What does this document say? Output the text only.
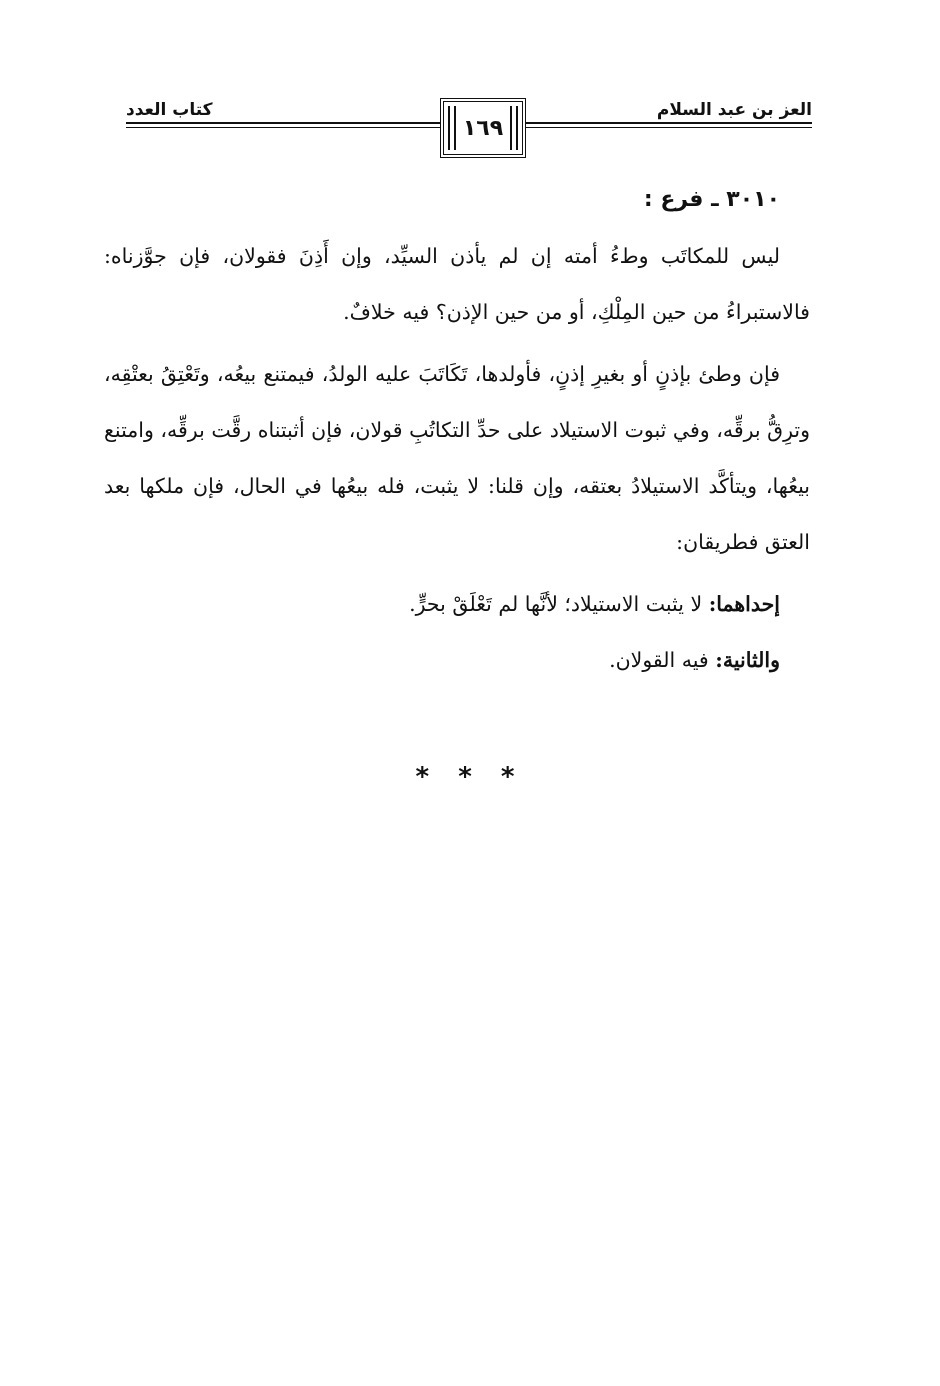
العز بن عبد السلام
كتاب العدد
١٦٩
٣٠١٠ ـ فرع :

ليس للمكاتَب وطءُ أمته إن لم يأذن السيِّد، وإن أَذِنَ فقولان، فإن جوَّزناه: فالاستبراءُ من حين المِلْكِ، أو من حين الإذن؟ فيه خلافٌ.

فإن وطئ بإذنٍ أو بغيرِ إذنٍ، فأولدها، تَكَاتَبَ عليه الولدُ، فيمتنع بيعُه، وتَعْتِقُ بعتْقِه، وترِقُّ برقِّه، وفي ثبوت الاستيلاد على حدِّ التكاتُبِ قولان، فإن أثبتناه رقَّت برقِّه، وامتنع بيعُها، ويتأكَّد الاستيلادُ بعتقه، وإن قلنا: لا يثبت، فله بيعُها في الحال، فإن ملكها بعد العتق فطريقان:

إحداهما: لا يثبت الاستيلاد؛ لأنَّها لم تَعْلَقْ بحرٍّ.
والثانية: فيه القولان.
* * *
